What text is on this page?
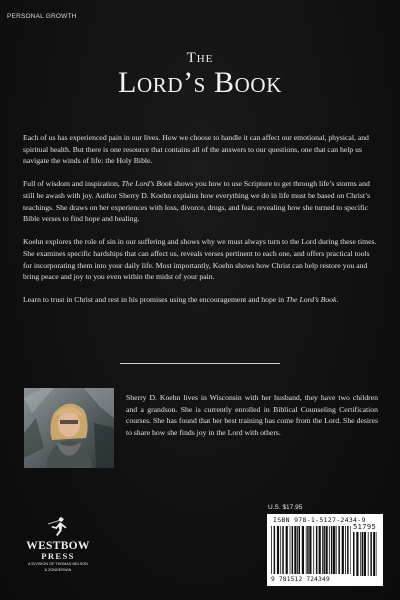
PERSONAL GROWTH
The
Lord’s Book

Each of us has experienced pain in our lives. How we choose to handle it can affect our emotional, physical, and spiritual health. But there is one resource that contains all of the answers to our questions, one that can help us navigate the winds of life: the Holy Bible.

Full of wisdom and inspiration, The Lord’s Book shows you how to use Scripture to get through life’s storms and still be awash with joy. Author Sherry D. Koehn explains how everything we do in life must be based on Christ’s teachings. She draws on her experiences with loss, divorce, drugs, and fear, revealing how she turned to specific Bible verses to find hope and healing.

Koehn explores the role of sin in our suffering and shows why we must always turn to the Lord during these times. She examines specific hardships that can affect us, reveals verses pertinent to each one, and offers practical tools for incorporating them into your daily life. Most importantly, Koehn shows how Christ can help restore you and bring peace and joy to you even within the midst of your pain.

Learn to trust in Christ and rest in his promises using the encouragement and hope in The Lord’s Book.

Sherry D. Koehn lives in Wisconsin with her husband, they have two children and a grandson. She is currently enrolled in Biblical Counseling Certification courses. She has found that her best training has come from the Lord. She desires to share how she finds joy in the Lord with others.
WESTBOW
PRESS
A DIVISION OF THOMAS NELSON
& ZONDERVAN
U.S. $17.95
ISBN 978-1-5127-2434-9
51795
9 781512 724349
